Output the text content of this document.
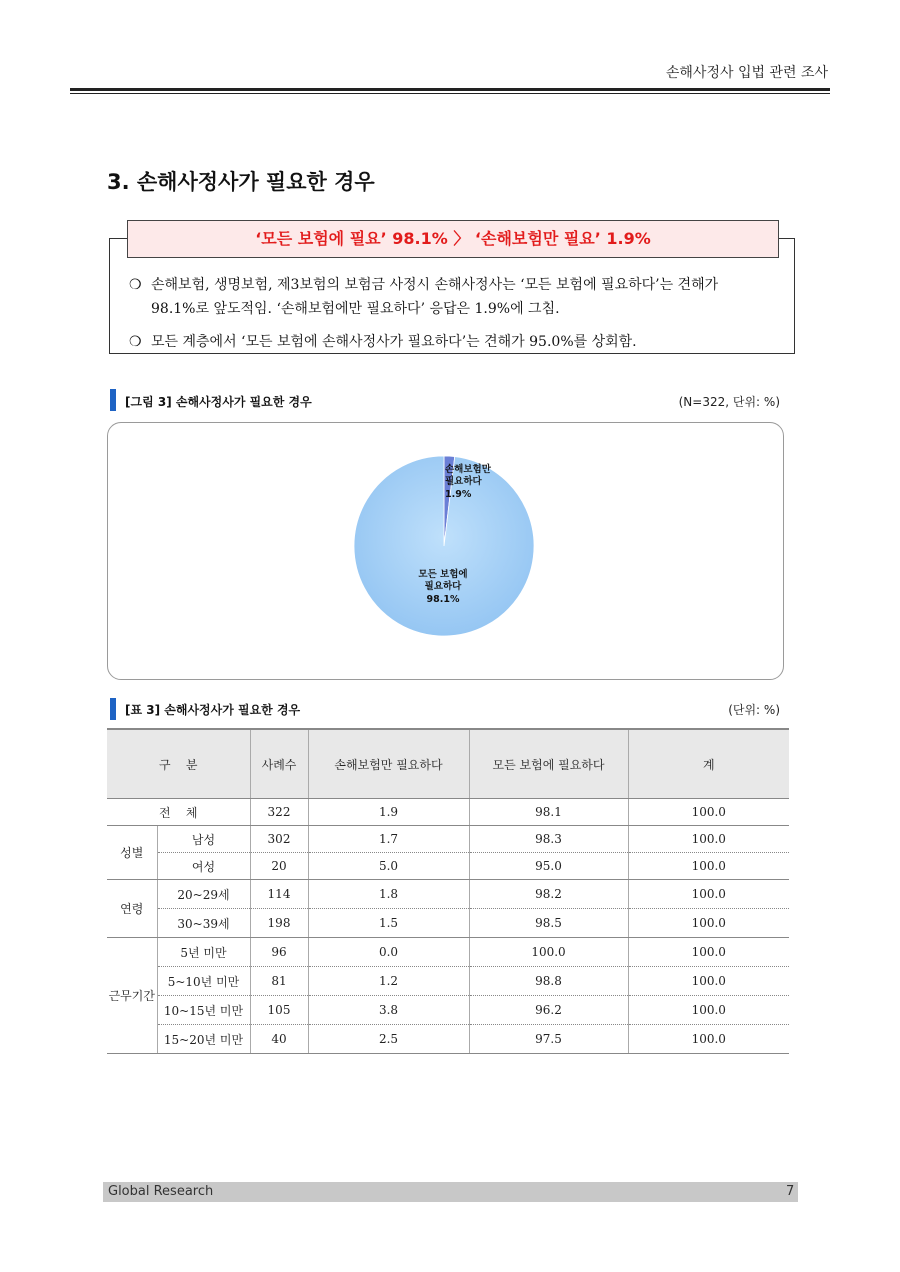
손해사정사 입법 관련 조사
3. 손해사정사가 필요한 경우
‘모든 보험에 필요’ 98.1% 〉 ‘손해보험만 필요’ 1.9%
❍ 손해보험, 생명보험, 제3보험의 보험금 사정시 손해사정사는 ‘모든 보험에 필요하다’는 견해가
98.1%로 앞도적임. ‘손해보험에만 필요하다’ 응답은 1.9%에 그침.
❍ 모든 계층에서 ‘모든 보험에 손해사정사가 필요하다’는 견해가 95.0%를 상회함.
[그림 3] 손해사정사가 필요한 경우	(N=322, 단위: %)
손해보험만
필요하다
1.9%
모든 보험에
필요하다
98.1%
[표 3] 손해사정사가 필요한 경우	(단위: %)
구    분		사례수	손해보험만 필요하다	모든 보험에 필요하다	계
전    체		322	1.9	98.1	100.0
성별	남성	302	1.7	98.3	100.0
	여성	20	5.0	95.0	100.0
연령	20~29세	114	1.8	98.2	100.0
	30~39세	198	1.5	98.5	100.0
근무기간	5년 미만	96	0.0	100.0	100.0
	5~10년 미만	81	1.2	98.8	100.0
	10~15년 미만	105	3.8	96.2	100.0
	15~20년 미만	40	2.5	97.5	100.0
Global Research	7
